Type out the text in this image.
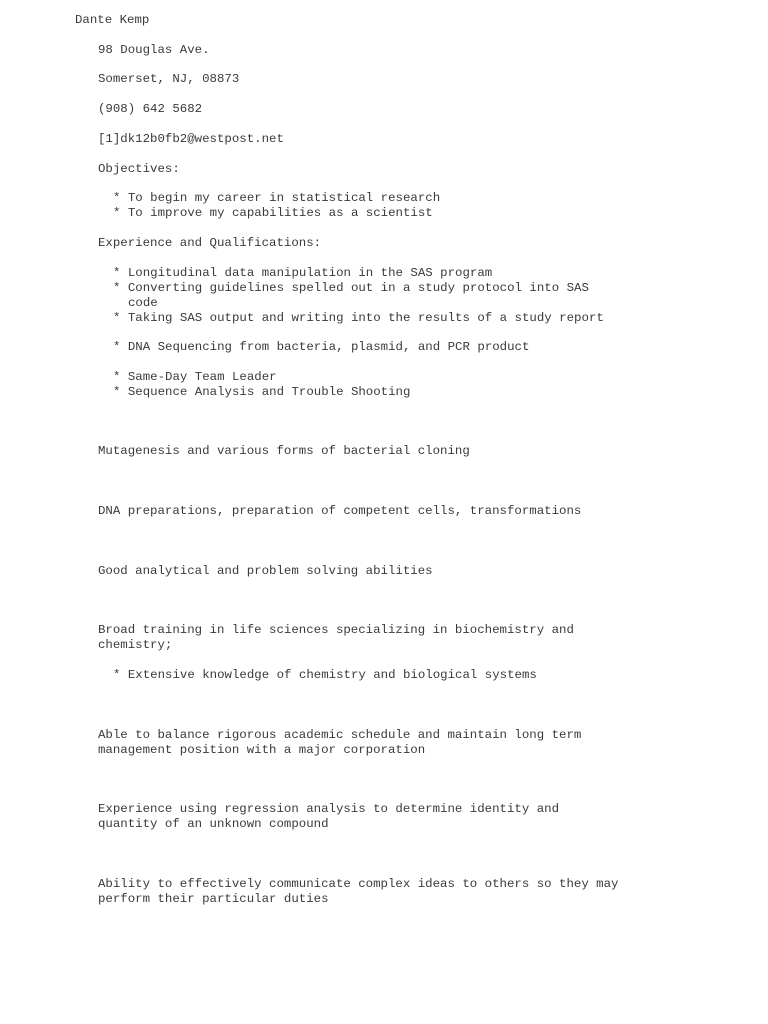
Dante Kemp
98 Douglas Ave.
Somerset, NJ, 08873
(908) 642 5682
[1]dk12b0fb2@westpost.net
Objectives:
* To begin my career in statistical research
* To improve my capabilities as a scientist
Experience and Qualifications:
* Longitudinal data manipulation in the SAS program
* Converting guidelines spelled out in a study protocol into SAS
code
* Taking SAS output and writing into the results of a study report
* DNA Sequencing from bacteria, plasmid, and PCR product
* Same-Day Team Leader
* Sequence Analysis and Trouble Shooting
Mutagenesis and various forms of bacterial cloning
DNA preparations, preparation of competent cells, transformations
Good analytical and problem solving abilities
Broad training in life sciences specializing in biochemistry and
chemistry;
* Extensive knowledge of chemistry and biological systems
Able to balance rigorous academic schedule and maintain long term
management position with a major corporation
Experience using regression analysis to determine identity and
quantity of an unknown compound
Ability to effectively communicate complex ideas to others so they may
perform their particular duties
